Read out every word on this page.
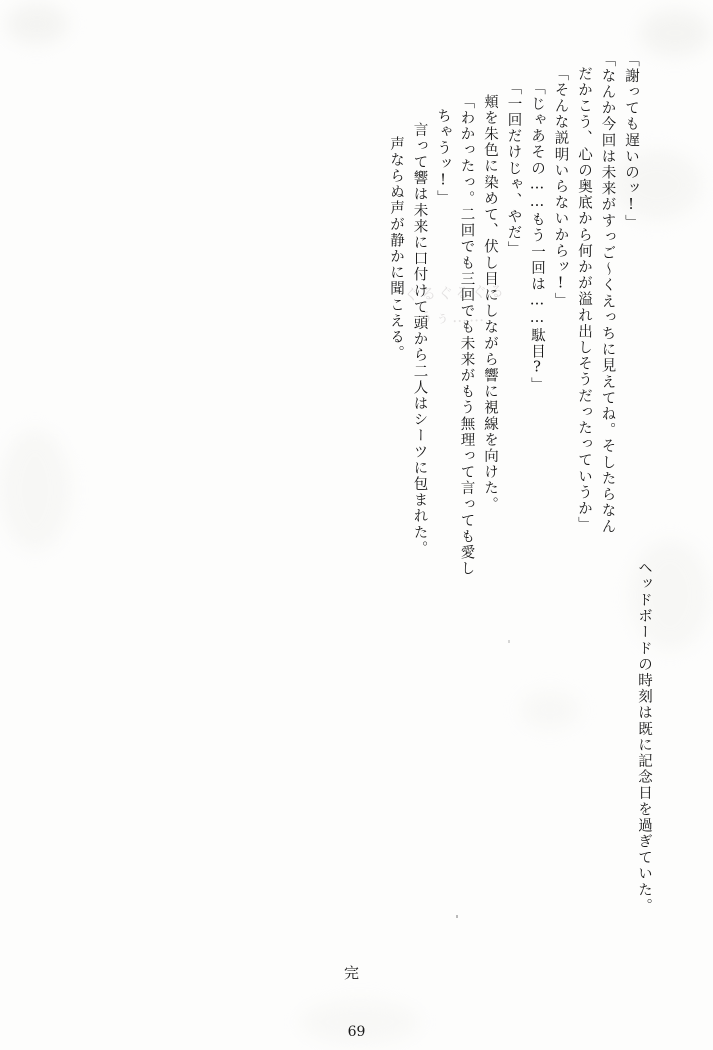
ぐるぐるぐる
うぅ……
「謝っても遅いのッ!」
「なんか今回は未来がすっご〜くえっちに見えてね。そしたらなん
だかこう、心の奥底から何かが溢れ出しそうだったっていうか」
「そんな説明いらないからッ!」
「じゃあその……もう一回は……駄目?」
「一回だけじゃ、やだ」
頬を朱色に染めて、伏し目にしながら響に視線を向けた。
「わかったっ。二回でも三回でも未来がもう無理って言っても愛し
ちゃうッ!」
言って響は未来に口付けて頭から二人はシーツに包まれた。
声ならぬ声が静かに聞こえる。
ヘッドボードの時刻は既に記念日を過ぎていた。
完
69
